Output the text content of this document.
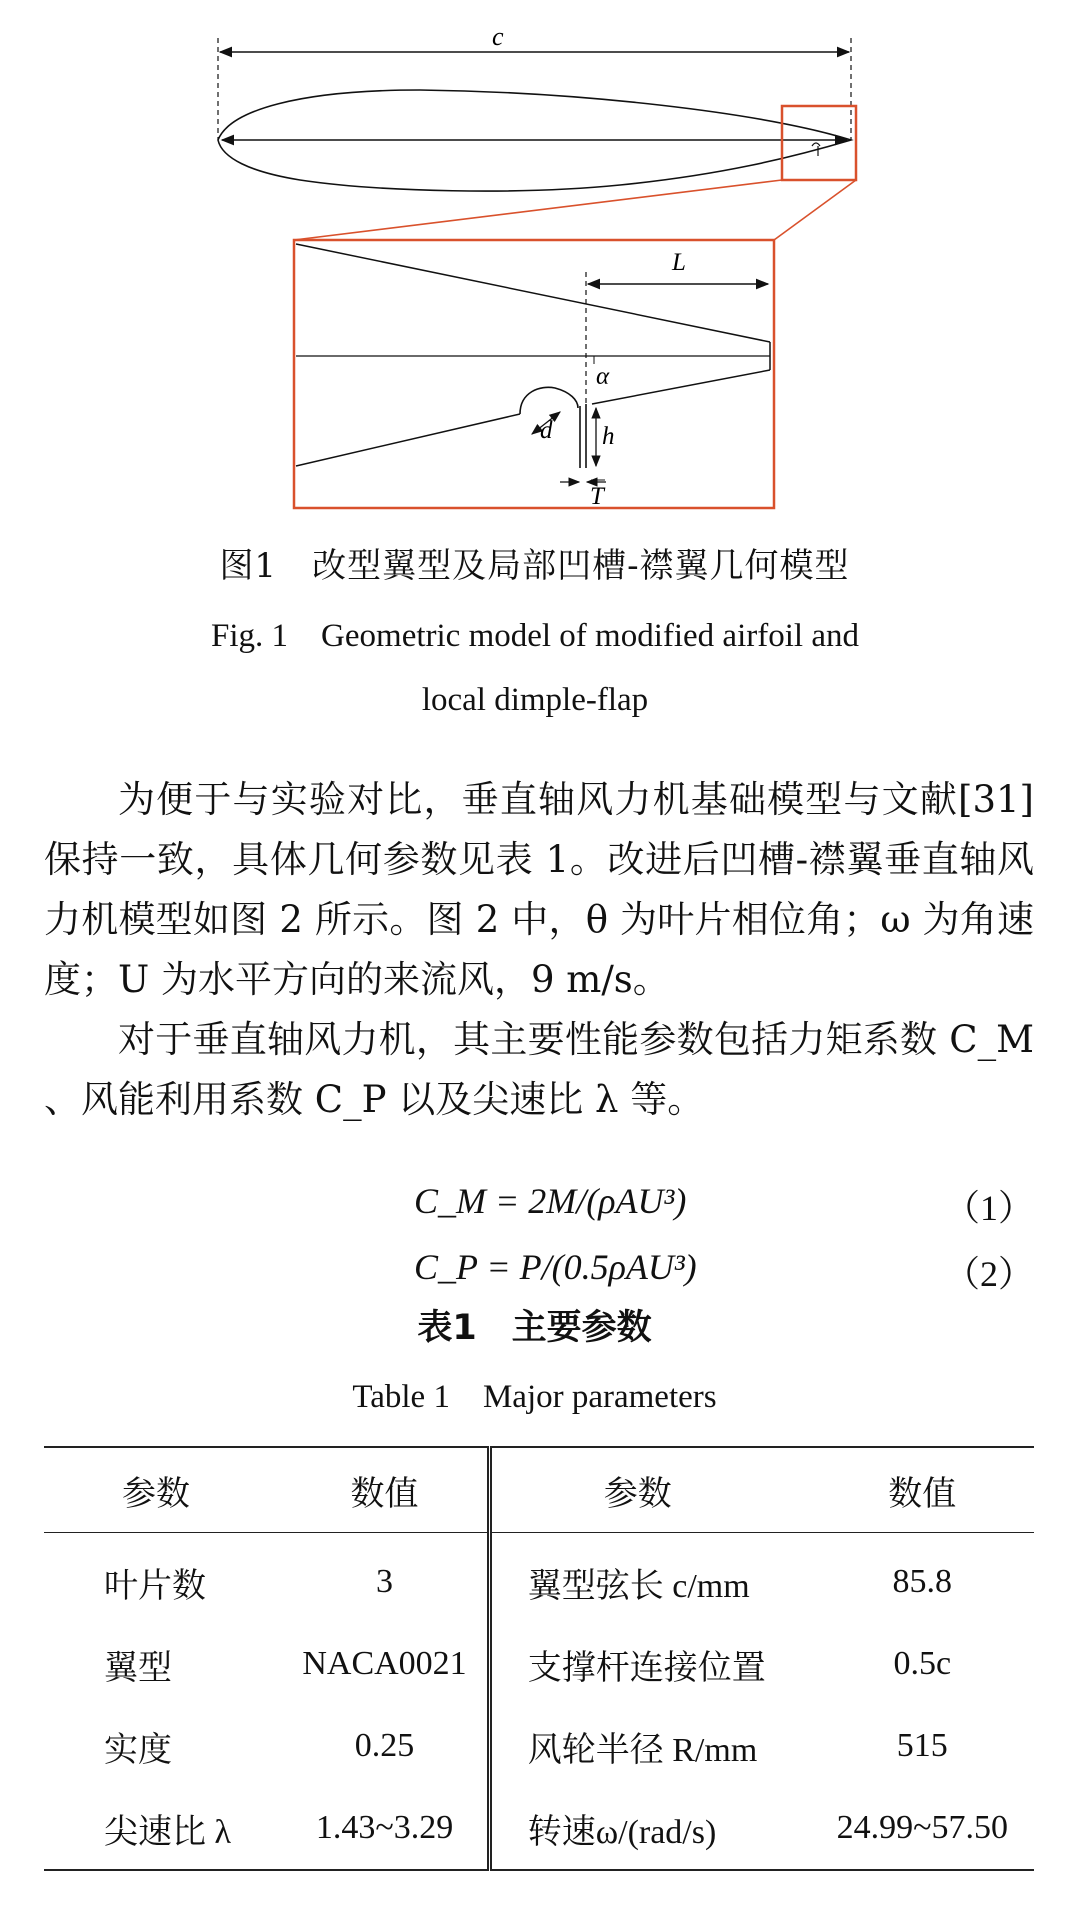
c
L
α
d h
T
图1　改型翼型及局部凹槽-襟翼几何模型
Fig. 1　Geometric model of modified airfoil and local dimple-flap
为便于与实验对比，垂直轴风力机基础模型与文献[31]保持一致，具体几何参数见表 1。改进后凹槽-襟翼垂直轴风力机模型如图 2 所示。图 2 中，θ 为叶片相位角；ω 为角速度；U 为水平方向的来流风，9 m/s。
对于垂直轴风力机，其主要性能参数包括力矩系数 C_M 、风能利用系数 C_P 以及尖速比 λ 等。
C_M = 2M/(ρAU³)	（1）
C_P = P/(0.5ρAU³)	（2）
表1　主要参数
Table 1　Major parameters
参数	数值	参数	数值
叶片数	3	翼型弦长 c/mm	85.8
翼型	NACA0021	支撑杆连接位置	0.5c
实度	0.25	风轮半径 R/mm	515
尖速比 λ	1.43~3.29	转速ω/(rad/s)	24.99~57.50
